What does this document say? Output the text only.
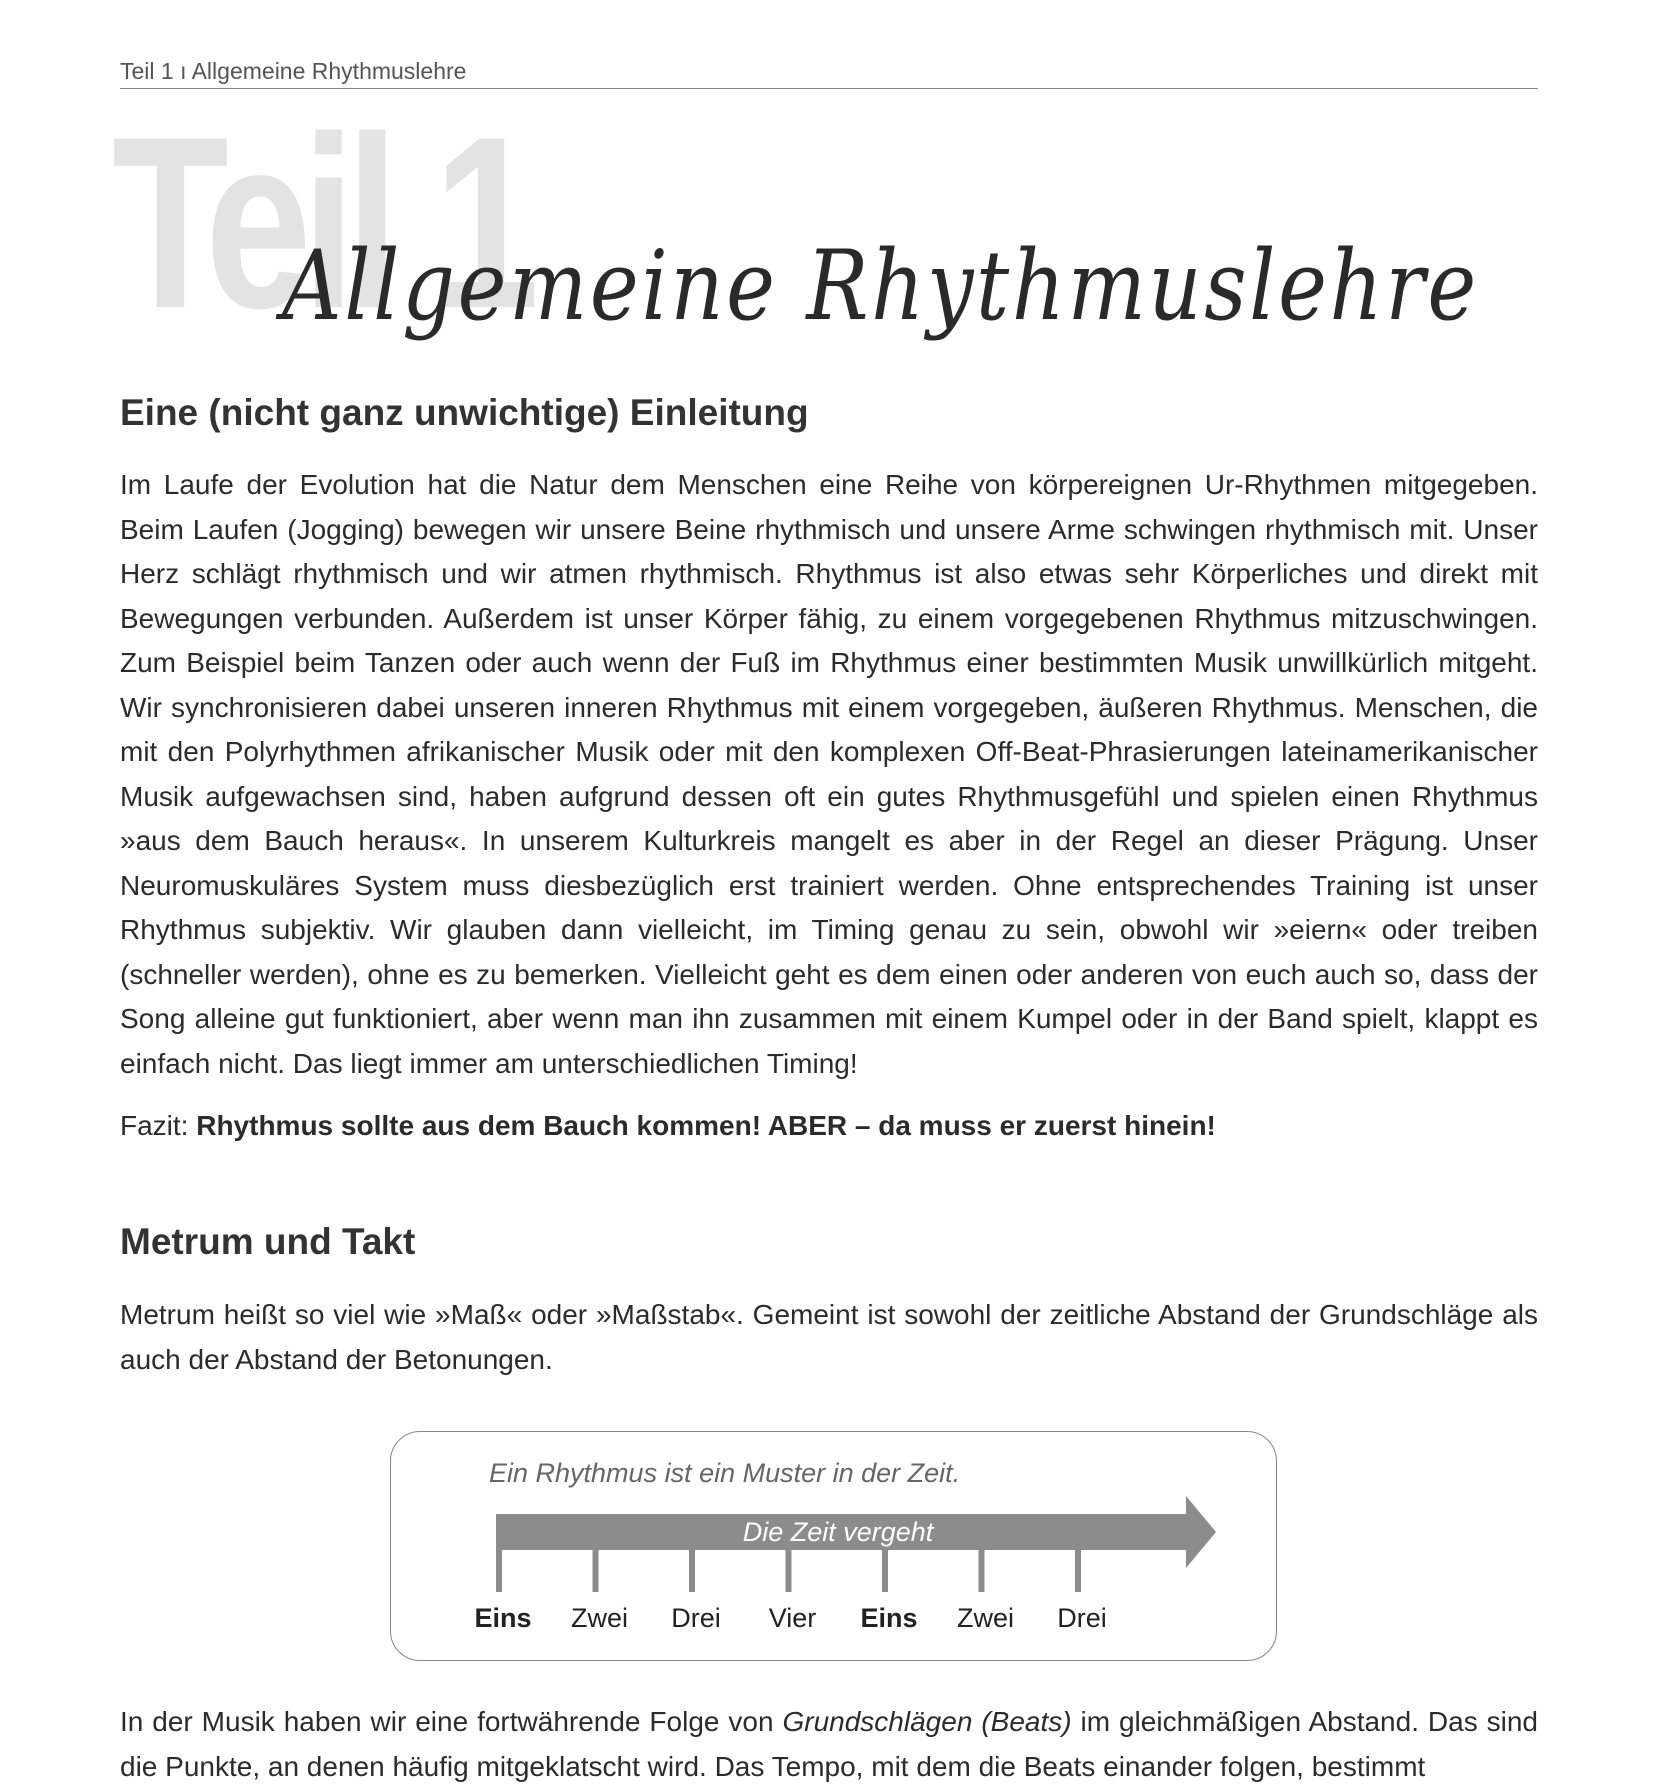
Teil 1 ı Allgemeine Rhythmuslehre
Teil 1
Allgemeine Rhythmuslehre
Eine (nicht ganz unwichtige) Einleitung

Im Laufe der Evolution hat die Natur dem Menschen eine Reihe von körpereignen Ur-Rhythmen mitgegeben. Beim Laufen (Jogging) bewegen wir unsere Beine rhythmisch und unsere Arme schwingen rhythmisch mit. Unser Herz schlägt rhythmisch und wir atmen rhythmisch. Rhythmus ist also etwas sehr Körperliches und direkt mit Bewegungen verbunden. Außerdem ist unser Körper fähig, zu einem vorgegebenen Rhythmus mitzuschwingen. Zum Beispiel beim Tanzen oder auch wenn der Fuß im Rhythmus einer bestimmten Musik unwillkürlich mitgeht. Wir synchronisieren dabei unseren inneren Rhythmus mit einem vorgegeben, äußeren Rhythmus. Menschen, die mit den Polyrhythmen afrikanischer Musik oder mit den komplexen Off-Beat-Phrasierungen lateinamerikanischer Musik aufgewachsen sind, haben aufgrund dessen oft ein gutes Rhythmusgefühl und spielen einen Rhythmus »aus dem Bauch heraus«. In unserem Kulturkreis mangelt es aber in der Regel an dieser Prägung. Unser Neuromuskuläres System muss diesbezüglich erst trainiert werden. Ohne entsprechendes Training ist unser Rhythmus subjektiv. Wir glauben dann vielleicht, im Timing genau zu sein, obwohl wir »eiern« oder treiben (schneller werden), ohne es zu bemerken. Vielleicht geht es dem einen oder anderen von euch auch so, dass der Song alleine gut funktioniert, aber wenn man ihn zusammen mit einem Kumpel oder in der Band spielt, klappt es einfach nicht. Das liegt immer am unterschiedlichen Timing!

Fazit: Rhythmus sollte aus dem Bauch kommen! ABER – da muss er zuerst hinein!
Metrum und Takt

Metrum heißt so viel wie »Maß« oder »Maßstab«. Gemeint ist sowohl der zeitliche Abstand der Grundschläge als auch der Abstand der Betonungen.

Ein Rhythmus ist ein Muster in der Zeit.
Die Zeit vergeht
Eins Zwei Drei Vier Eins Zwei Drei

In der Musik haben wir eine fortwährende Folge von Grundschlägen (Beats) im gleichmäßigen Abstand. Das sind die Punkte, an denen häufig mitgeklatscht wird. Das Tempo, mit dem die Beats einander folgen, bestimmt
